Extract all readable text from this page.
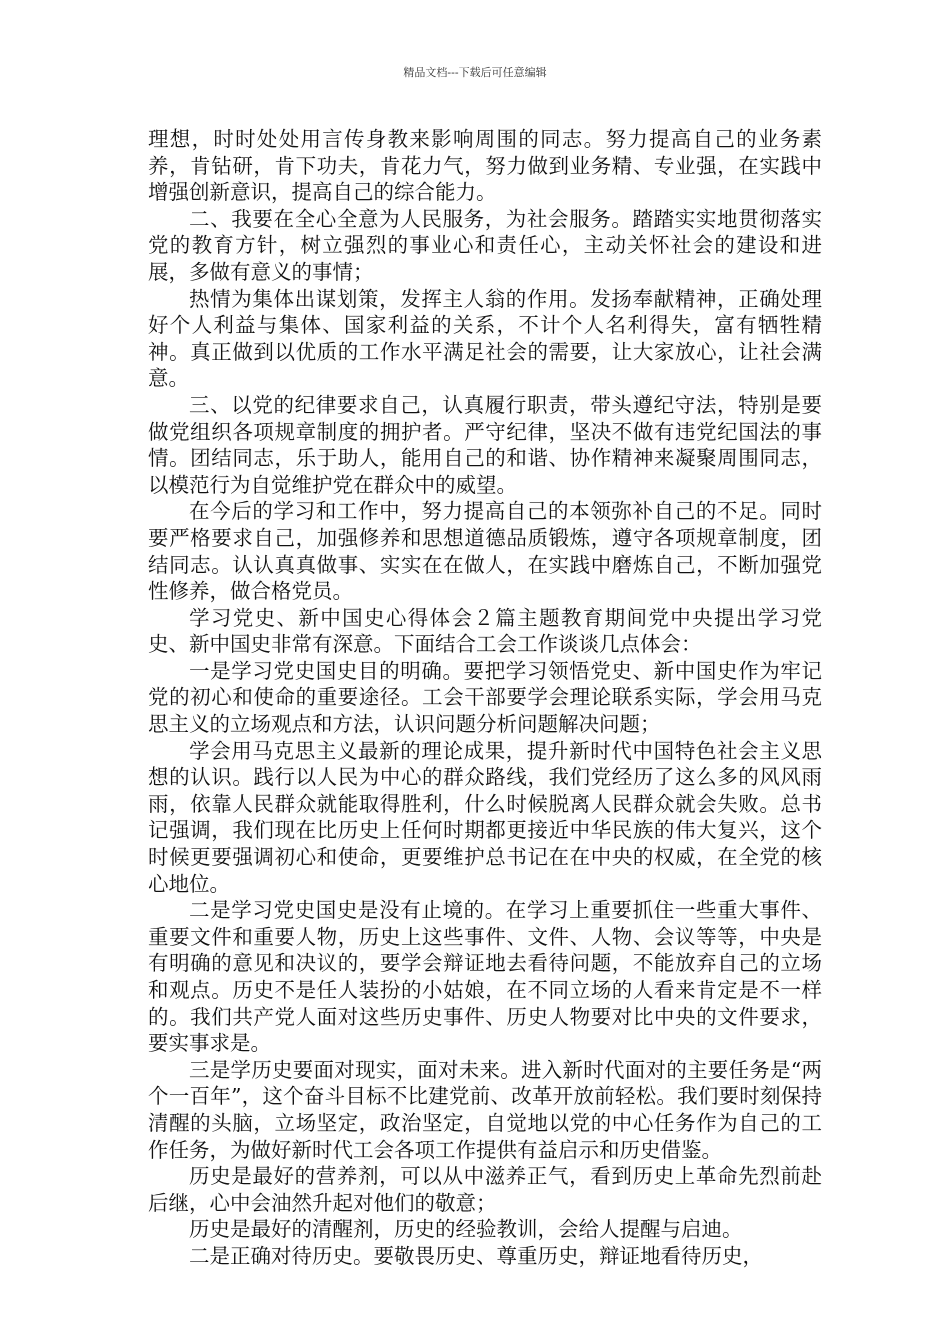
精品文档---下载后可任意编辑

理想，时时处处用言传身教来影响周围的同志。努力提高自己的业务素养，肯钻研，肯下功夫，肯花力气，努力做到业务精、专业强，在实践中增强创新意识，提高自己的综合能力。

二、我要在全心全意为人民服务，为社会服务。踏踏实实地贯彻落实党的教育方针，树立强烈的事业心和责任心，主动关怀社会的建设和进展，多做有意义的事情；

热情为集体出谋划策，发挥主人翁的作用。发扬奉献精神，正确处理好个人利益与集体、国家利益的关系，不计个人名利得失，富有牺牲精神。真正做到以优质的工作水平满足社会的需要，让大家放心，让社会满意。

三、以党的纪律要求自己，认真履行职责，带头遵纪守法，特别是要做党组织各项规章制度的拥护者。严守纪律，坚决不做有违党纪国法的事情。团结同志，乐于助人，能用自己的和谐、协作精神来凝聚周围同志，以模范行为自觉维护党在群众中的威望。

在今后的学习和工作中，努力提高自己的本领弥补自己的不足。同时要严格要求自己，加强修养和思想道德品质锻炼，遵守各项规章制度，团结同志。认认真真做事、实实在在做人，在实践中磨炼自己，不断加强党性修养，做合格党员。

学习党史、新中国史心得体会２篇主题教育期间党中央提出学习党史、新中国史非常有深意。下面结合工会工作谈谈几点体会：

一是学习党史国史目的明确。要把学习领悟党史、新中国史作为牢记党的初心和使命的重要途径。工会干部要学会理论联系实际，学会用马克思主义的立场观点和方法，认识问题分析问题解决问题；

学会用马克思主义最新的理论成果，提升新时代中国特色社会主义思想的认识。践行以人民为中心的群众路线，我们党经历了这么多的风风雨雨，依靠人民群众就能取得胜利，什么时候脱离人民群众就会失败。总书记强调，我们现在比历史上任何时期都更接近中华民族的伟大复兴，这个时候更要强调初心和使命，更要维护总书记在在中央的权威，在全党的核心地位。

二是学习党史国史是没有止境的。在学习上重要抓住一些重大事件、重要文件和重要人物，历史上这些事件、文件、人物、会议等等，中央是有明确的意见和决议的，要学会辩证地去看待问题，不能放弃自己的立场和观点。历史不是任人装扮的小姑娘，在不同立场的人看来肯定是不一样的。我们共产党人面对这些历史事件、历史人物要对比中央的文件要求，要实事求是。

三是学历史要面对现实，面对未来。进入新时代面对的主要任务是“两个一百年”，这个奋斗目标不比建党前、改革开放前轻松。我们要时刻保持清醒的头脑，立场坚定，政治坚定，自觉地以党的中心任务作为自己的工作任务，为做好新时代工会各项工作提供有益启示和历史借鉴。

历史是最好的营养剂，可以从中滋养正气，看到历史上革命先烈前赴后继，心中会油然升起对他们的敬意；

历史是最好的清醒剂，历史的经验教训，会给人提醒与启迪。

二是正确对待历史。要敬畏历史、尊重历史，辩证地看待历史，
